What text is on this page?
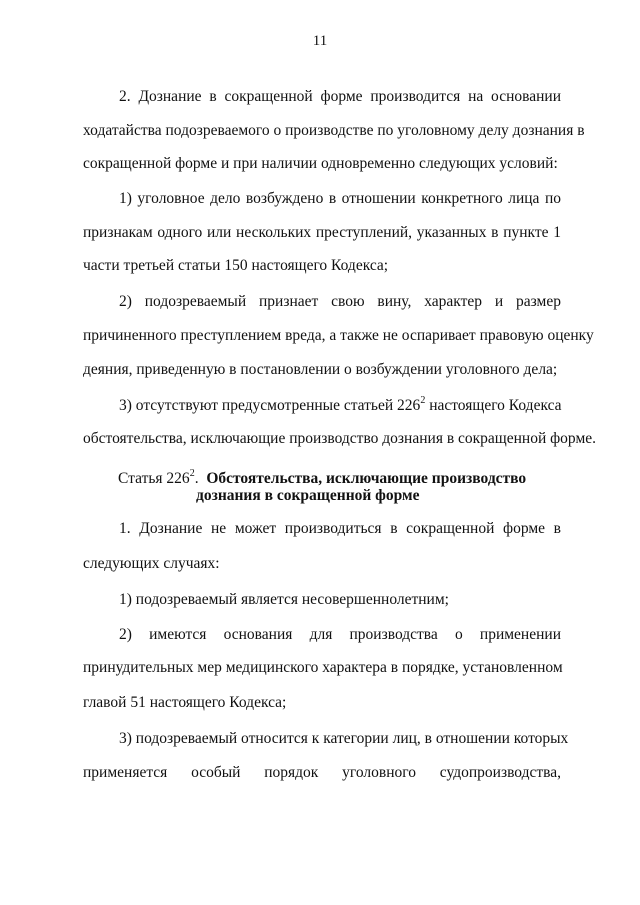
11
2. Дознание в сокращенной форме производится на основании
ходатайства подозреваемого о производстве по уголовному делу дознания в
сокращенной форме и при наличии одновременно следующих условий:
1) уголовное дело возбуждено в отношении конкретного лица по
признакам одного или нескольких преступлений, указанных в пункте 1
части третьей статьи 150 настоящего Кодекса;
2) подозреваемый признает свою вину, характер и размер
причиненного преступлением вреда, а также не оспаривает правовую оценку
деяния, приведенную в постановлении о возбуждении уголовного дела;
3) отсутствуют предусмотренные статьей $226^2$ настоящего Кодекса
обстоятельства, исключающие производство дознания в сокращенной форме.
Статья $226^2$. Обстоятельства, исключающие производство
дознания в сокращенной форме
1. Дознание не может производиться в сокращенной форме в
следующих случаях:
1) подозреваемый является несовершеннолетним;
2) имеются основания для производства о применении
принудительных мер медицинского характера в порядке, установленном
главой 51 настоящего Кодекса;
3) подозреваемый относится к категории лиц, в отношении которых
применяется особый порядок уголовного судопроизводства,
